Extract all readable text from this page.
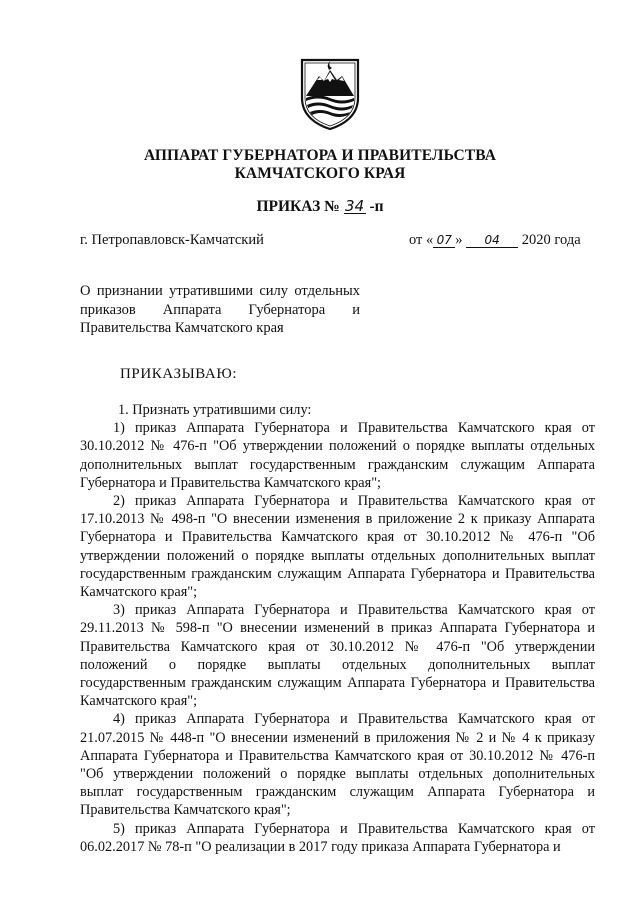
АППАРАТ ГУБЕРНАТОРА И ПРАВИТЕЛЬСТВА
КАМЧАТСКОГО КРАЯ
ПРИКАЗ № 34 -п
г. Петропавловск-Камчатский	от « 07 » 04 2020 года
О признании утратившими силу отдельных
приказов Аппарата Губернатора и
Правительства Камчатского края
ПРИКАЗЫВАЮ:

1. Признать утратившими силу:

1) приказ Аппарата Губернатора и Правительства Камчатского края от 30.10.2012 № 476-п "Об утверждении положений о порядке выплаты отдельных дополнительных выплат государственным гражданским служащим Аппарата Губернатора и Правительства Камчатского края";

2) приказ Аппарата Губернатора и Правительства Камчатского края от 17.10.2013 № 498-п "О внесении изменения в приложение 2 к приказу Аппарата Губернатора и Правительства Камчатского края от 30.10.2012 № 476-п "Об утверждении положений о порядке выплаты отдельных дополнительных выплат государственным гражданским служащим Аппарата Губернатора и Правительства Камчатского края";

3) приказ Аппарата Губернатора и Правительства Камчатского края от 29.11.2013 № 598-п "О внесении изменений в приказ Аппарата Губернатора и Правительства Камчатского края от 30.10.2012 № 476-п "Об утверждении положений о порядке выплаты отдельных дополнительных выплат государственным гражданским служащим Аппарата Губернатора и Правительства Камчатского края";

4) приказ Аппарата Губернатора и Правительства Камчатского края от 21.07.2015 № 448-п "О внесении изменений в приложения № 2 и № 4 к приказу Аппарата Губернатора и Правительства Камчатского края от 30.10.2012 № 476-п "Об утверждении положений о порядке выплаты отдельных дополнительных выплат государственным гражданским служащим Аппарата Губернатора и Правительства Камчатского края";

5) приказ Аппарата Губернатора и Правительства Камчатского края от 06.02.2017 № 78-п "О реализации в 2017 году приказа Аппарата Губернатора и
